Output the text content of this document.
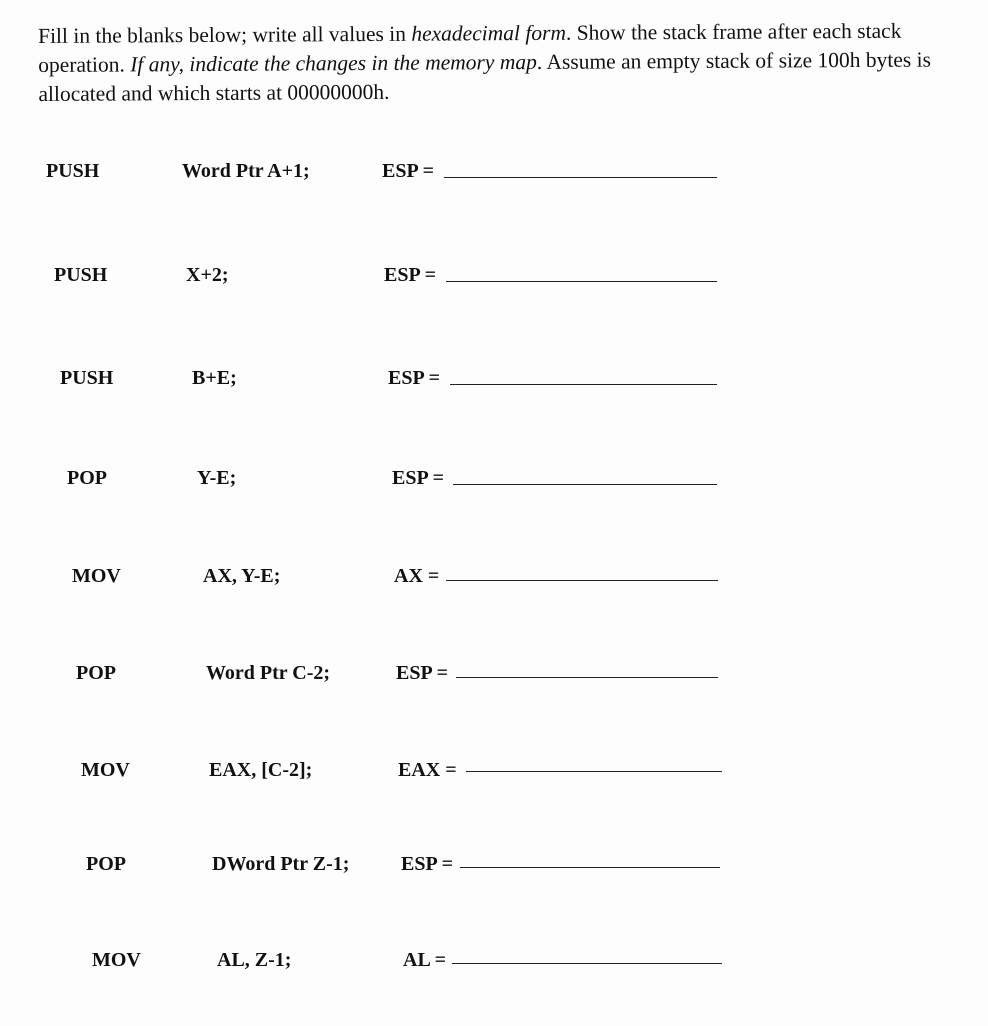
Fill in the blanks below; write all values in hexadecimal form. Show the stack frame after each stack
operation. If any, indicate the changes in the memory map. Assume an empty stack of size 100h bytes is
allocated and which starts at 00000000h.
PUSH	Word Ptr A+1;	ESP =
PUSH	X+2;	ESP =
PUSH	B+E;	ESP =
POP	Y-E;	ESP =
MOV	AX, Y-E;	AX =
POP	Word Ptr C-2;	ESP =
MOV	EAX, [C-2];	EAX =
POP	DWord Ptr Z-1;	ESP =
MOV	AL, Z-1;	AL =
